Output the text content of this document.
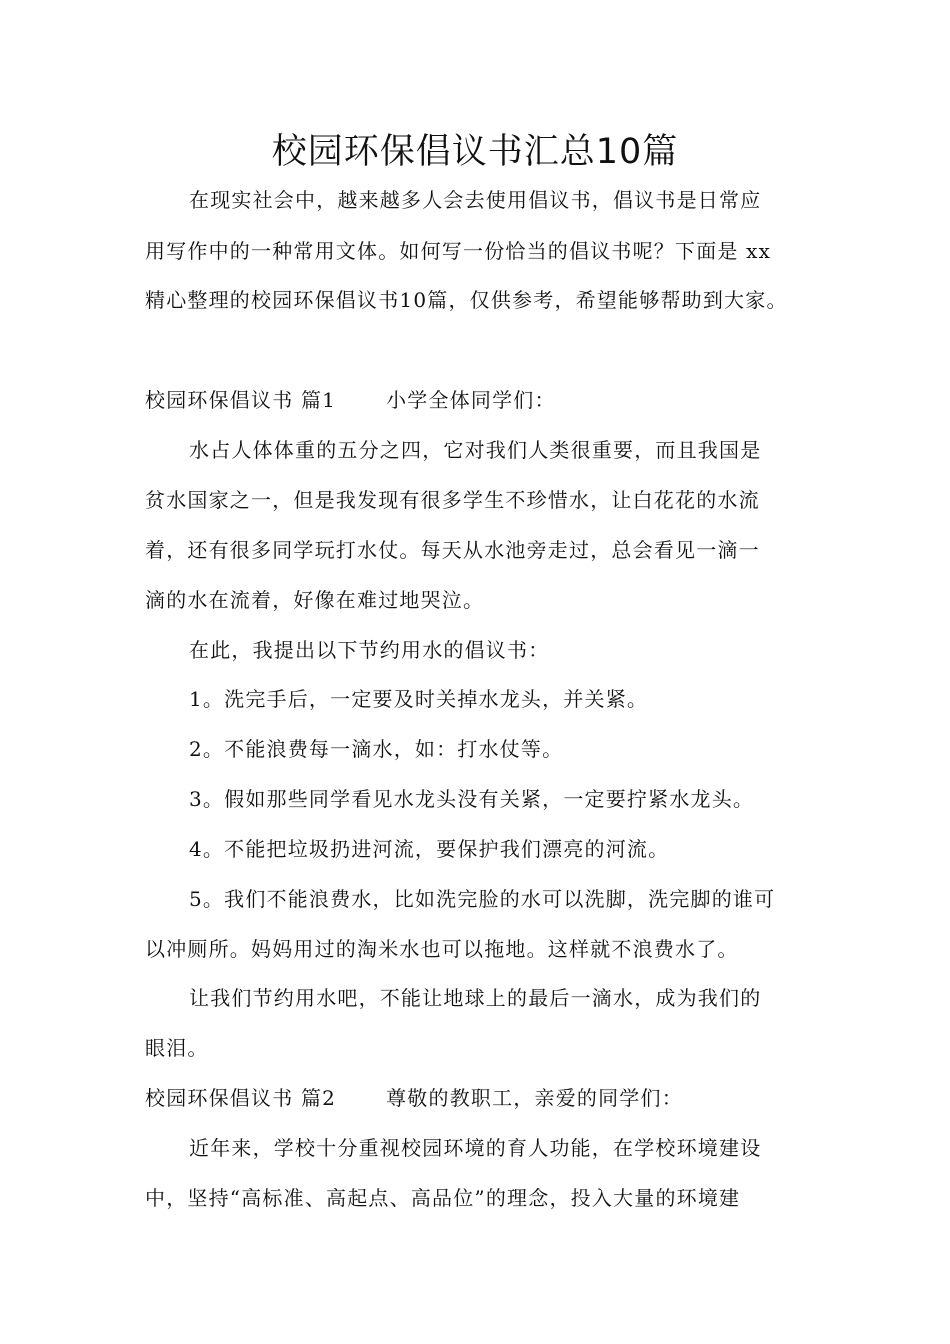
校园环保倡议书汇总10篇
在现实社会中，越来越多人会去使用倡议书，倡议书是日常应
用写作中的一种常用文体。如何写一份恰当的倡议书呢？下面是 xx
精心整理的校园环保倡议书10篇，仅供参考，希望能够帮助到大家。
校园环保倡议书 篇1	小学全体同学们：
水占人体体重的五分之四，它对我们人类很重要，而且我国是
贫水国家之一，但是我发现有很多学生不珍惜水，让白花花的水流
着，还有很多同学玩打水仗。每天从水池旁走过，总会看见一滴一
滴的水在流着，好像在难过地哭泣。
在此，我提出以下节约用水的倡议书：
1。洗完手后，一定要及时关掉水龙头，并关紧。
2。不能浪费每一滴水，如：打水仗等。
3。假如那些同学看见水龙头没有关紧，一定要拧紧水龙头。
4。不能把垃圾扔进河流，要保护我们漂亮的河流。
5。我们不能浪费水，比如洗完脸的水可以洗脚，洗完脚的谁可
以冲厕所。妈妈用过的淘米水也可以拖地。这样就不浪费水了。
让我们节约用水吧，不能让地球上的最后一滴水，成为我们的
眼泪。
校园环保倡议书 篇2	尊敬的教职工，亲爱的同学们：
近年来，学校十分重视校园环境的育人功能，在学校环境建设
中，坚持“高标准、高起点、高品位”的理念，投入大量的环境建
